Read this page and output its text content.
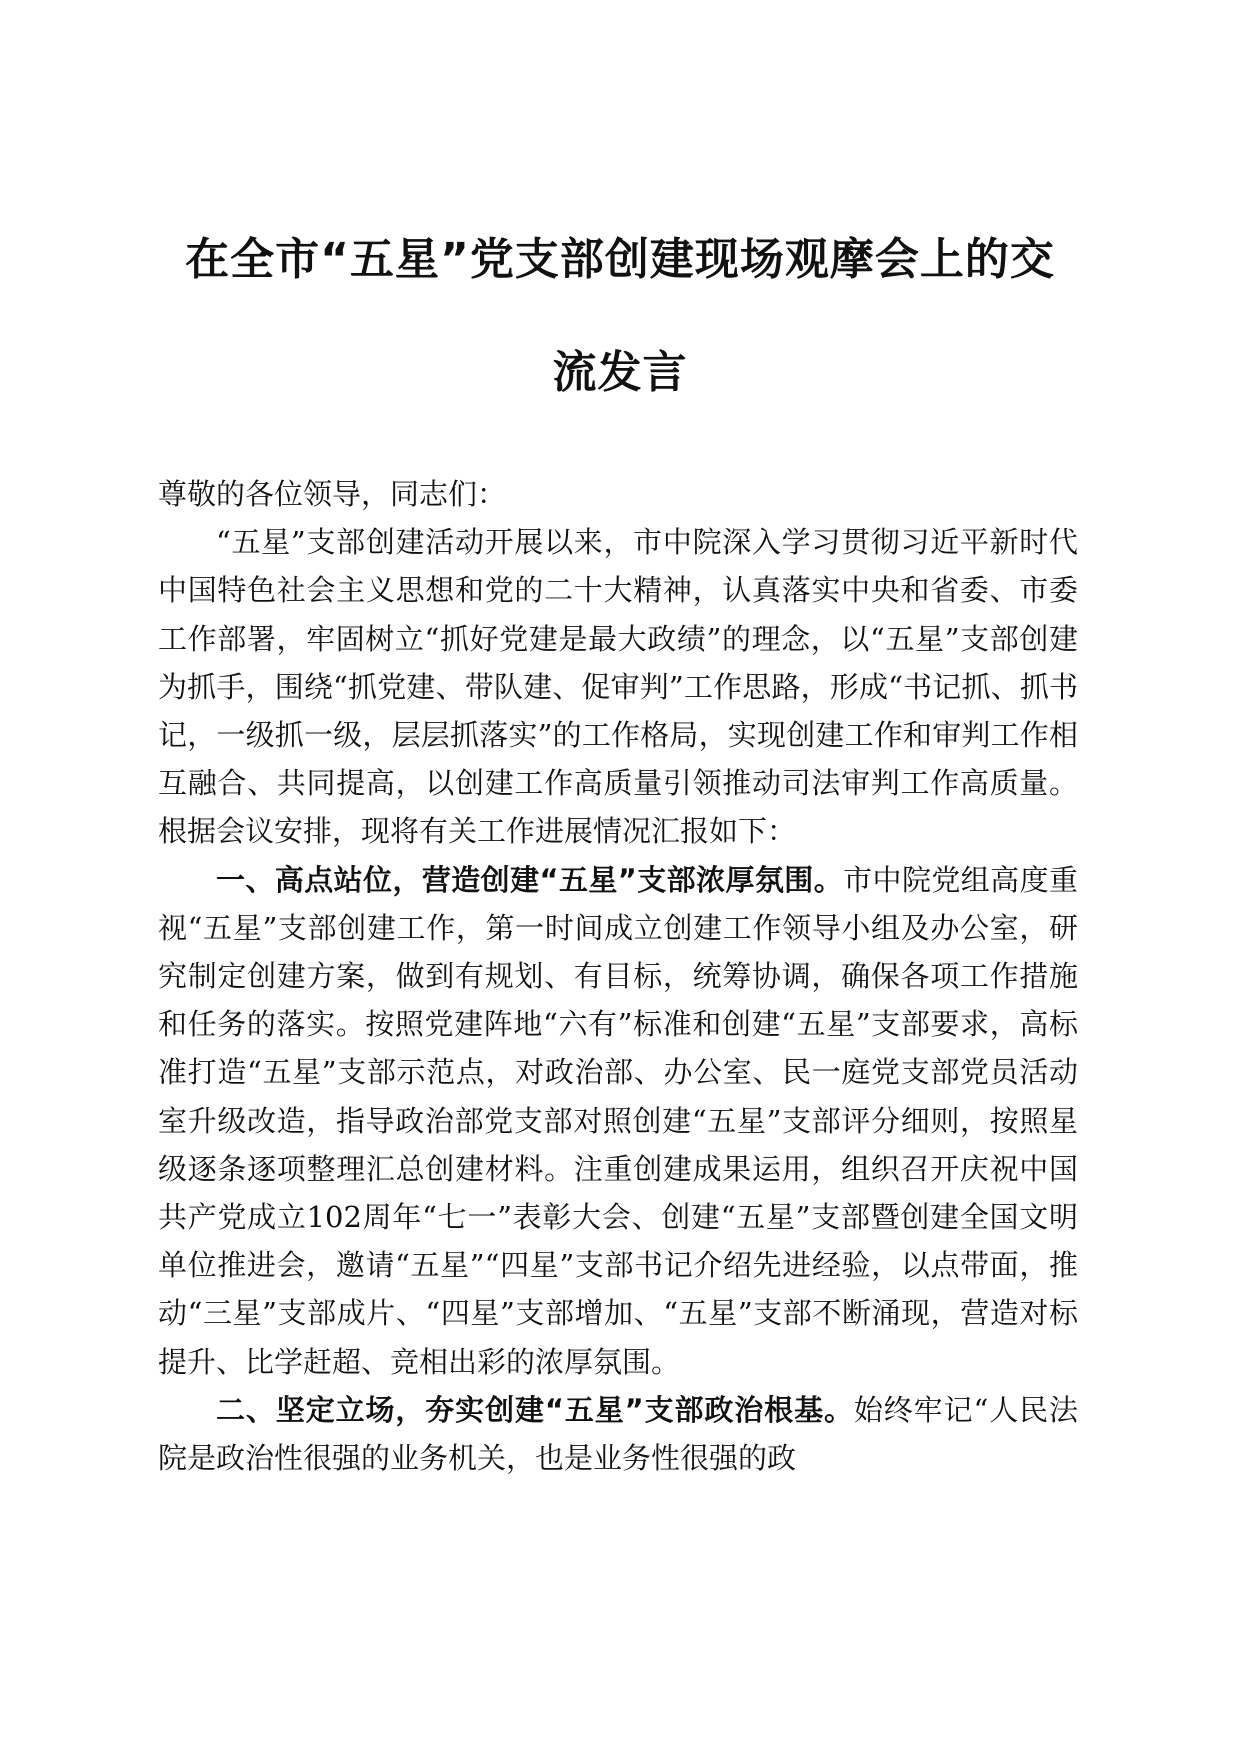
在全市“五星”党支部创建现场观摩会上的交
流发言

尊敬的各位领导，同志们：

“五星”支部创建活动开展以来，市中院深入学习贯彻习近平新时代中国特色社会主义思想和党的二十大精神，认真落实中央和省委、市委工作部署，牢固树立“抓好党建是最大政绩”的理念，以“五星”支部创建为抓手，围绕“抓党建、带队建、促审判”工作思路，形成“书记抓、抓书记，一级抓一级，层层抓落实”的工作格局，实现创建工作和审判工作相互融合、共同提高，以创建工作高质量引领推动司法审判工作高质量。根据会议安排，现将有关工作进展情况汇报如下：

一、高点站位，营造创建“五星”支部浓厚氛围。市中院党组高度重视“五星”支部创建工作，第一时间成立创建工作领导小组及办公室，研究制定创建方案，做到有规划、有目标，统筹协调，确保各项工作措施和任务的落实。按照党建阵地“六有”标准和创建“五星”支部要求，高标准打造“五星”支部示范点，对政治部、办公室、民一庭党支部党员活动室升级改造，指导政治部党支部对照创建“五星”支部评分细则，按照星级逐条逐项整理汇总创建材料。注重创建成果运用，组织召开庆祝中国共产党成立102周年“七一”表彰大会、创建“五星”支部暨创建全国文明单位推进会，邀请“五星”“四星”支部书记介绍先进经验，以点带面，推动“三星”支部成片、“四星”支部增加、“五星”支部不断涌现，营造对标提升、比学赶超、竞相出彩的浓厚氛围。

二、坚定立场，夯实创建“五星”支部政治根基。始终牢记“人民法院是政治性很强的业务机关，也是业务性很强的政
